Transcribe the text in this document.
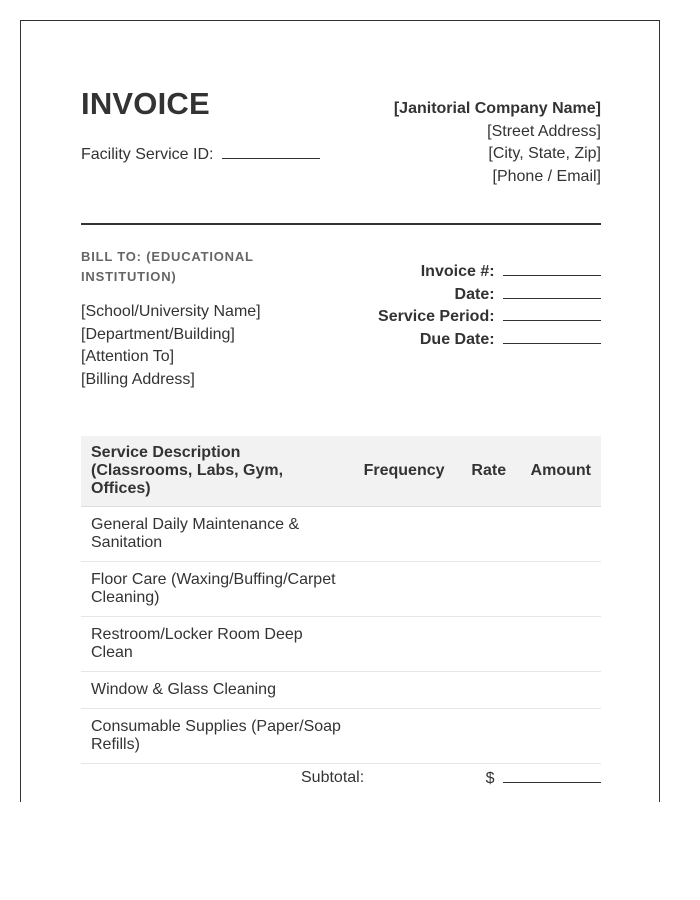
INVOICE
Facility Service ID:
[Janitorial Company Name]
[Street Address]
[City, State, Zip]
[Phone / Email]
BILL TO: (EDUCATIONAL INSTITUTION)
[School/University Name]
[Department/Building]
[Attention To]
[Billing Address]
Invoice #:
Date:
Service Period:
Due Date:
Service Description (Classrooms, Labs, Gym, Offices)	Frequency	Rate	Amount
General Daily Maintenance & Sanitation			
Floor Care (Waxing/Buffing/Carpet Cleaning)			
Restroom/Locker Room Deep Clean			
Window & Glass Cleaning			
Consumable Supplies (Paper/Soap Refills)			
Subtotal:	$
